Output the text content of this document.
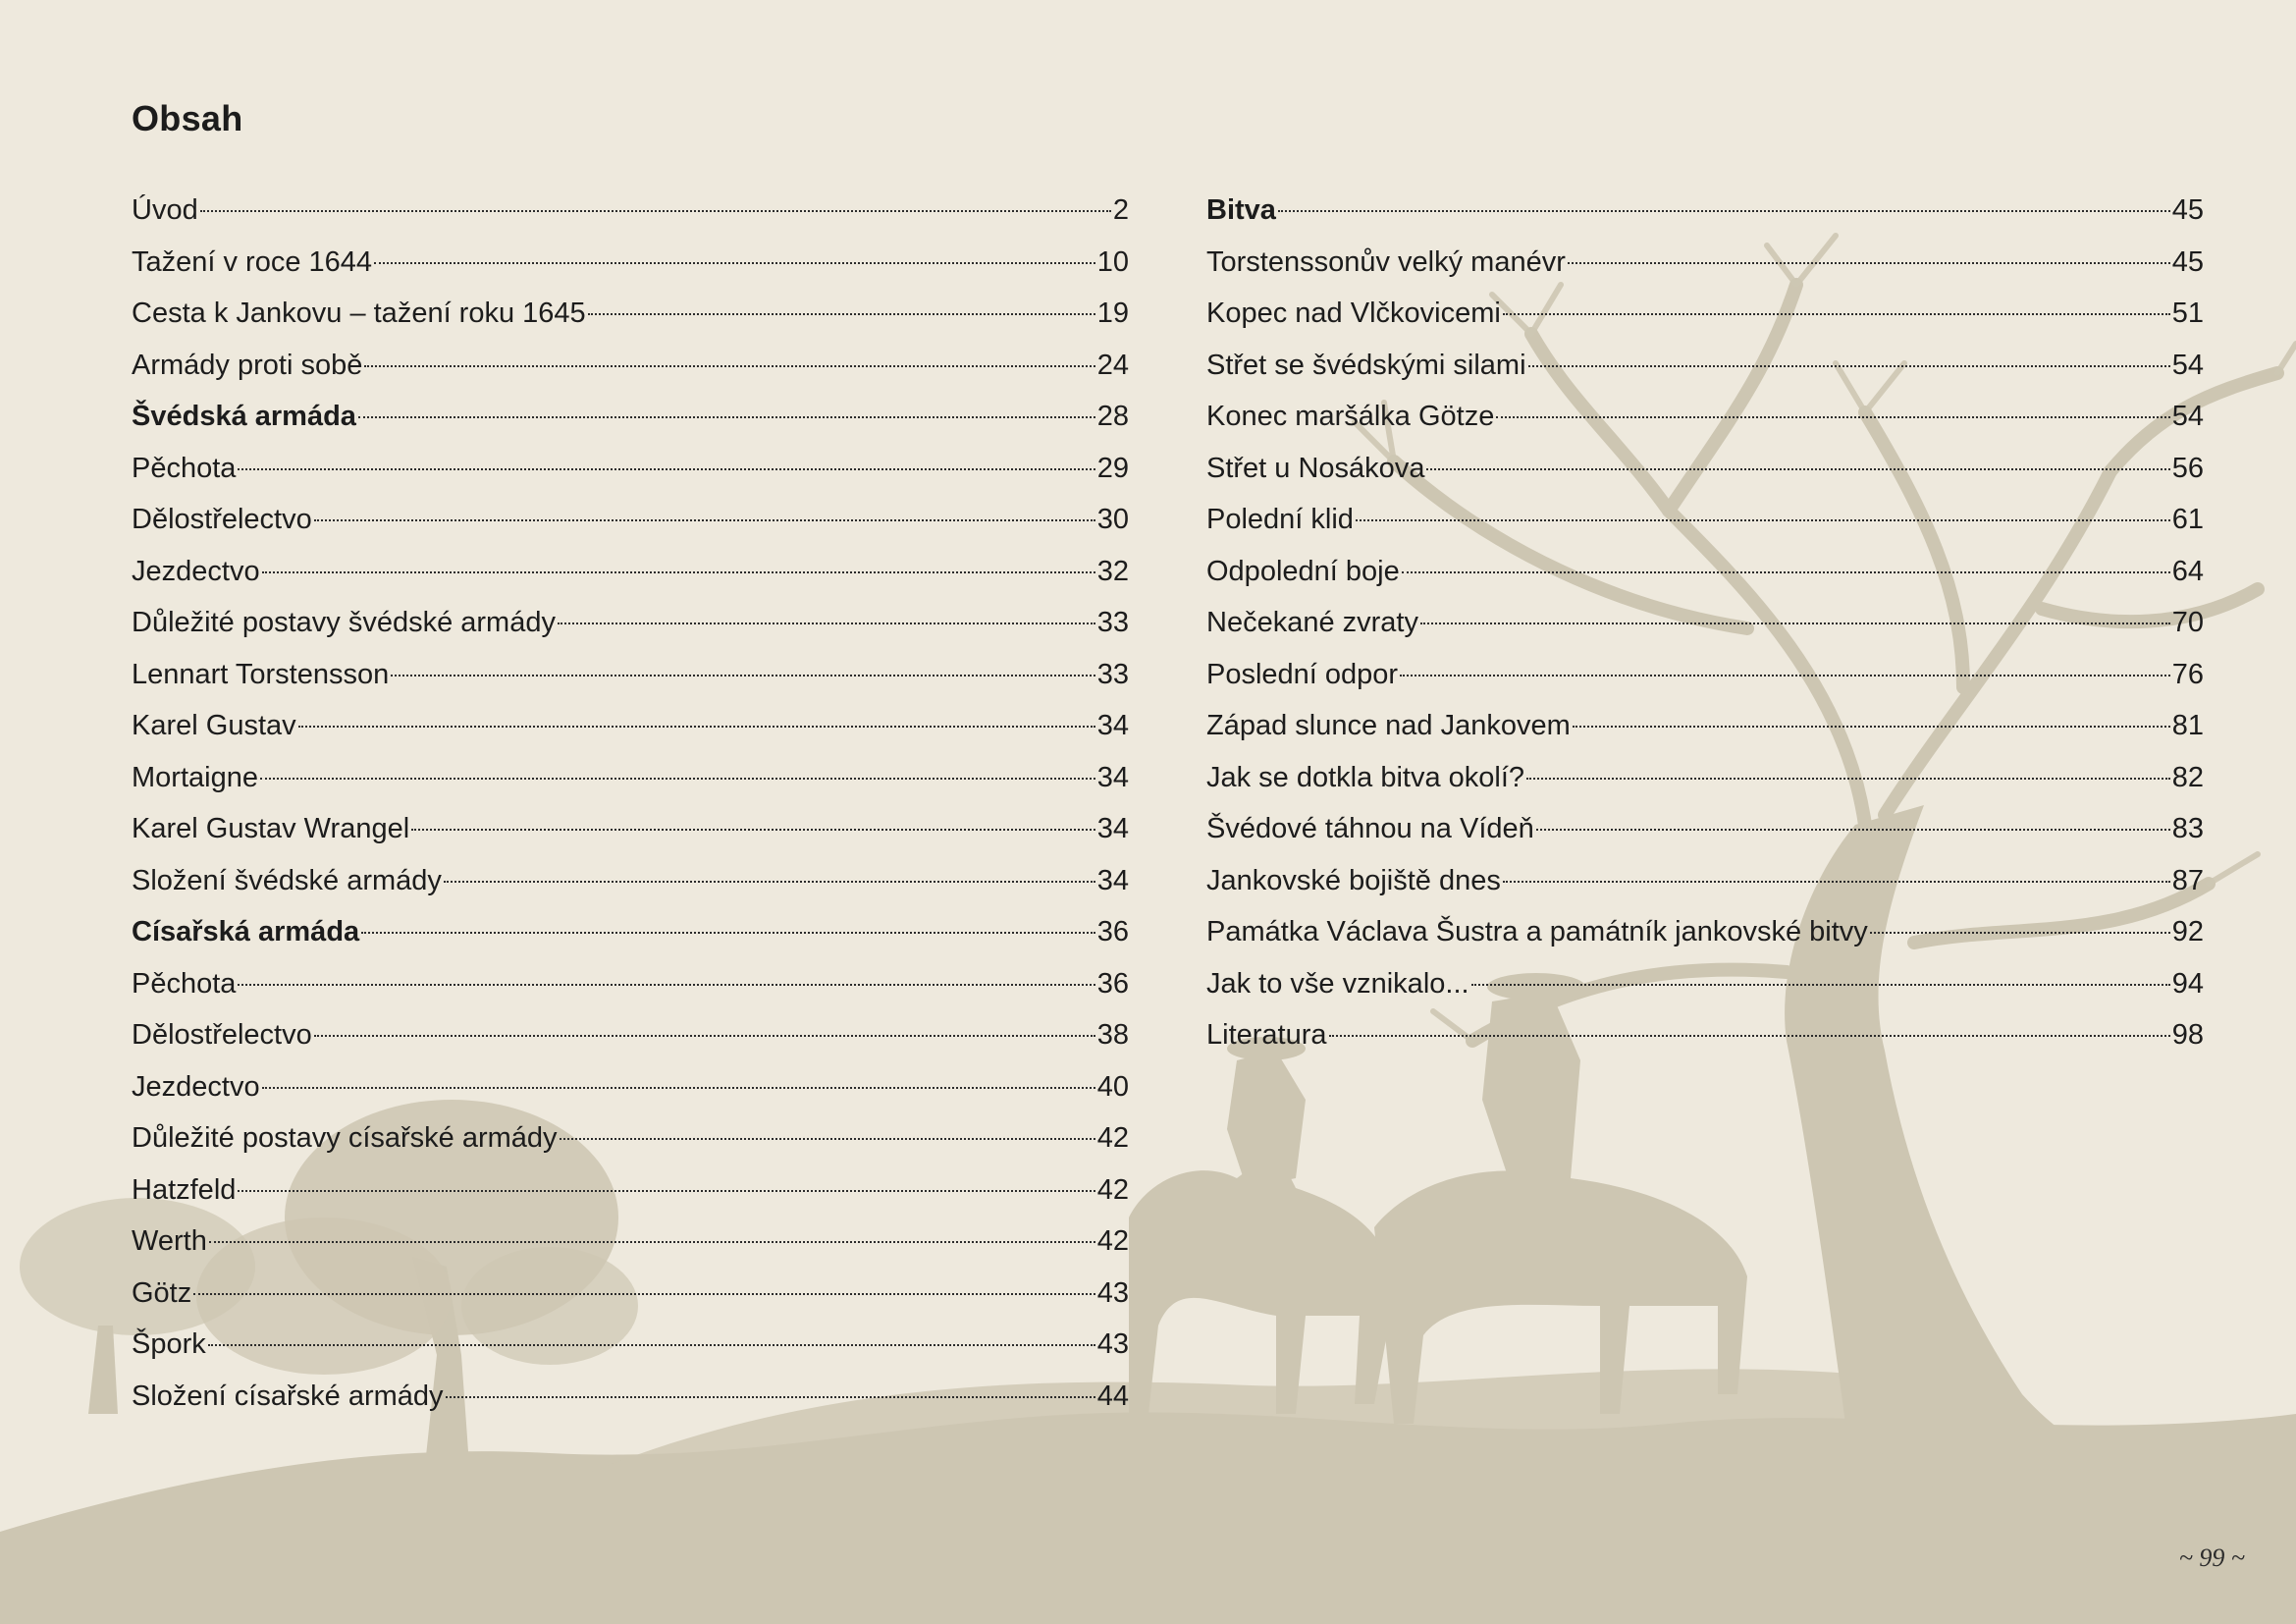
Obsah
Úvod	2
Tažení v roce 1644	10
Cesta k Jankovu – tažení roku 1645	19
Armády proti sobě	24
Švédská armáda	28
Pěchota	29
Dělostřelectvo	30
Jezdectvo	32
Důležité postavy švédské armády	33
Lennart Torstensson	33
Karel Gustav	34
Mortaigne	34
Karel Gustav Wrangel	34
Složení švédské armády	34
Císařská armáda	36
Pěchota	36
Dělostřelectvo	38
Jezdectvo	40
Důležité postavy císařské armády	42
Hatzfeld	42
Werth	42
Götz	43
Špork	43
Složení císařské armády	44
Bitva	45
Torstenssonův velký manévr	45
Kopec nad Vlčkovicemi	51
Střet se švédskými silami	54
Konec maršálka Götze	54
Střet u Nosákova	56
Polední klid	61
Odpolední boje	64
Nečekané zvraty	70
Poslední odpor	76
Západ slunce nad Jankovem	81
Jak se dotkla bitva okolí?	82
Švédové táhnou na Vídeň	83
Jankovské bojiště dnes	87
Památka Václava Šustra a památník jankovské bitvy	92
Jak to vše vznikalo...	94
Literatura	98
~ 99 ~
